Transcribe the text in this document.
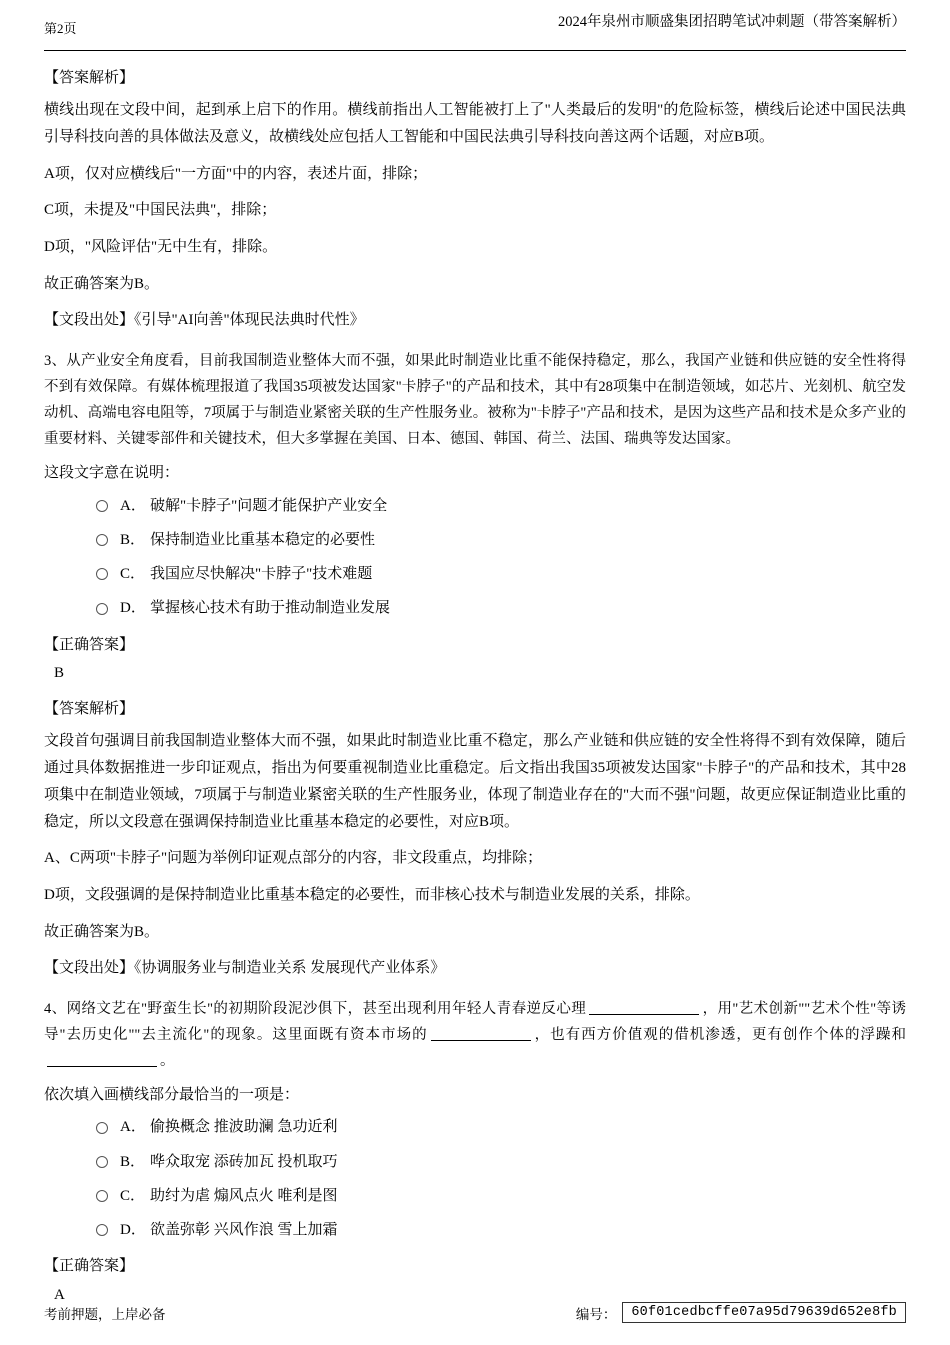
第2页	2024年泉州市顺盛集团招聘笔试冲刺题（带答案解析）
【答案解析】

横线出现在文段中间，起到承上启下的作用。横线前指出人工智能被打上了"人类最后的发明"的危险标签，横线后论述中国民法典引导科技向善的具体做法及意义，故横线处应包括人工智能和中国民法典引导科技向善这两个话题，对应B项。

A项，仅对应横线后"一方面"中的内容，表述片面，排除；

C项，未提及"中国民法典"，排除；

D项，"风险评估"无中生有，排除。

故正确答案为B。

【文段出处】《引导"AI向善"体现民法典时代性》

3、从产业安全角度看，目前我国制造业整体大而不强，如果此时制造业比重不能保持稳定，那么，我国产业链和供应链的安全性将得不到有效保障。有媒体梳理报道了我国35项被发达国家"卡脖子"的产品和技术，其中有28项集中在制造领域，如芯片、光刻机、航空发动机、高端电容电阻等，7项属于与制造业紧密关联的生产性服务业。被称为"卡脖子"产品和技术，是因为这些产品和技术是众多产业的重要材料、关键零部件和关键技术，但大多掌握在美国、日本、德国、韩国、荷兰、法国、瑞典等发达国家。

这段文字意在说明：

A． 破解"卡脖子"问题才能保护产业安全
B． 保持制造业比重基本稳定的必要性
C． 我国应尽快解决"卡脖子"技术难题
D． 掌握核心技术有助于推动制造业发展
【正确答案】
B
【答案解析】

文段首句强调目前我国制造业整体大而不强，如果此时制造业比重不稳定，那么产业链和供应链的安全性将得不到有效保障，随后通过具体数据推进一步印证观点，指出为何要重视制造业比重稳定。后文指出我国35项被发达国家"卡脖子"的产品和技术，其中28项集中在制造业领域，7项属于与制造业紧密关联的生产性服务业，体现了制造业存在的"大而不强"问题，故更应保证制造业比重的稳定，所以文段意在强调保持制造业比重基本稳定的必要性，对应B项。

A、C两项"卡脖子"问题为举例印证观点部分的内容，非文段重点，均排除；

D项，文段强调的是保持制造业比重基本稳定的必要性，而非核心技术与制造业发展的关系，排除。

故正确答案为B。

【文段出处】《协调服务业与制造业关系 发展现代产业体系》

4、网络文艺在"野蛮生长"的初期阶段泥沙俱下，甚至出现利用年轻人青春逆反心理	，用"艺术创新""艺术个性"等诱导"去历史化""去主流化"的现象。这里面既有资本市场的	，也有西方价值观的借机渗透，更有创作个体的浮躁和。

依次填入画横线部分最恰当的一项是：

A． 偷换概念 推波助澜 急功近利
B． 哗众取宠 添砖加瓦 投机取巧
C． 助纣为虐 煽风点火 唯利是图
D． 欲盖弥彰 兴风作浪 雪上加霜
【正确答案】
A
考前押题，上岸必备	编号：	60f01cedbcffe07a95d79639d652e8fb
